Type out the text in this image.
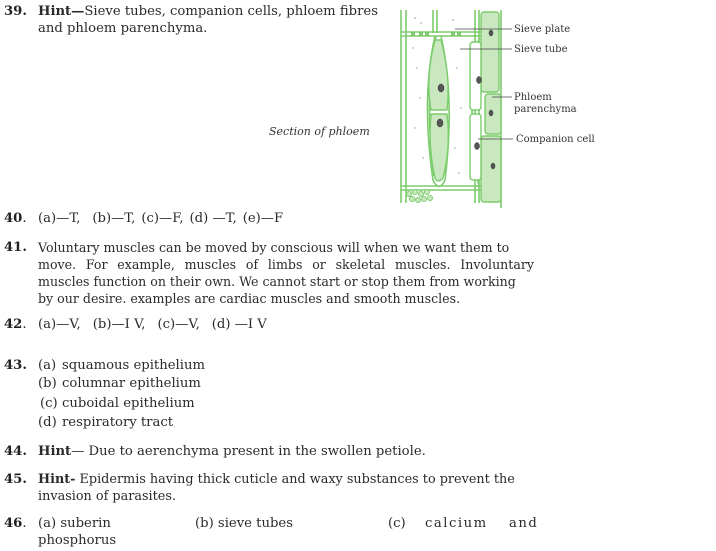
39. Hint—Sieve tubes, companion cells, phloem fibres
and phloem parenchyma.
Section of phloem
Sieve plate
Sieve tube
Phloem
parenchyma
Companion cell
40. (a)—T, (b)—T, (c)—F, (d) —T, (e)—F
41. Voluntary muscles can be moved by conscious will when we want them to
move. For example, muscles of limbs or skeletal muscles. Involuntary
muscles function on their own. We cannot start or stop them from working
by our desire. examples are cardiac muscles and smooth muscles.
42. (a)—V, (b)—I V, (c)—V, (d) —I V
43. (a) squamous epithelium
(b) columnar epithelium
(c) cuboidal epithelium
(d) respiratory tract
44. Hint— Due to aerenchyma present in the swollen petiole.
45. Hint- Epidermis having thick cuticle and waxy substances to prevent the
invasion of parasites.
46. (a) suberin	(b) sieve tubes	(c) calcium and
phosphorus
